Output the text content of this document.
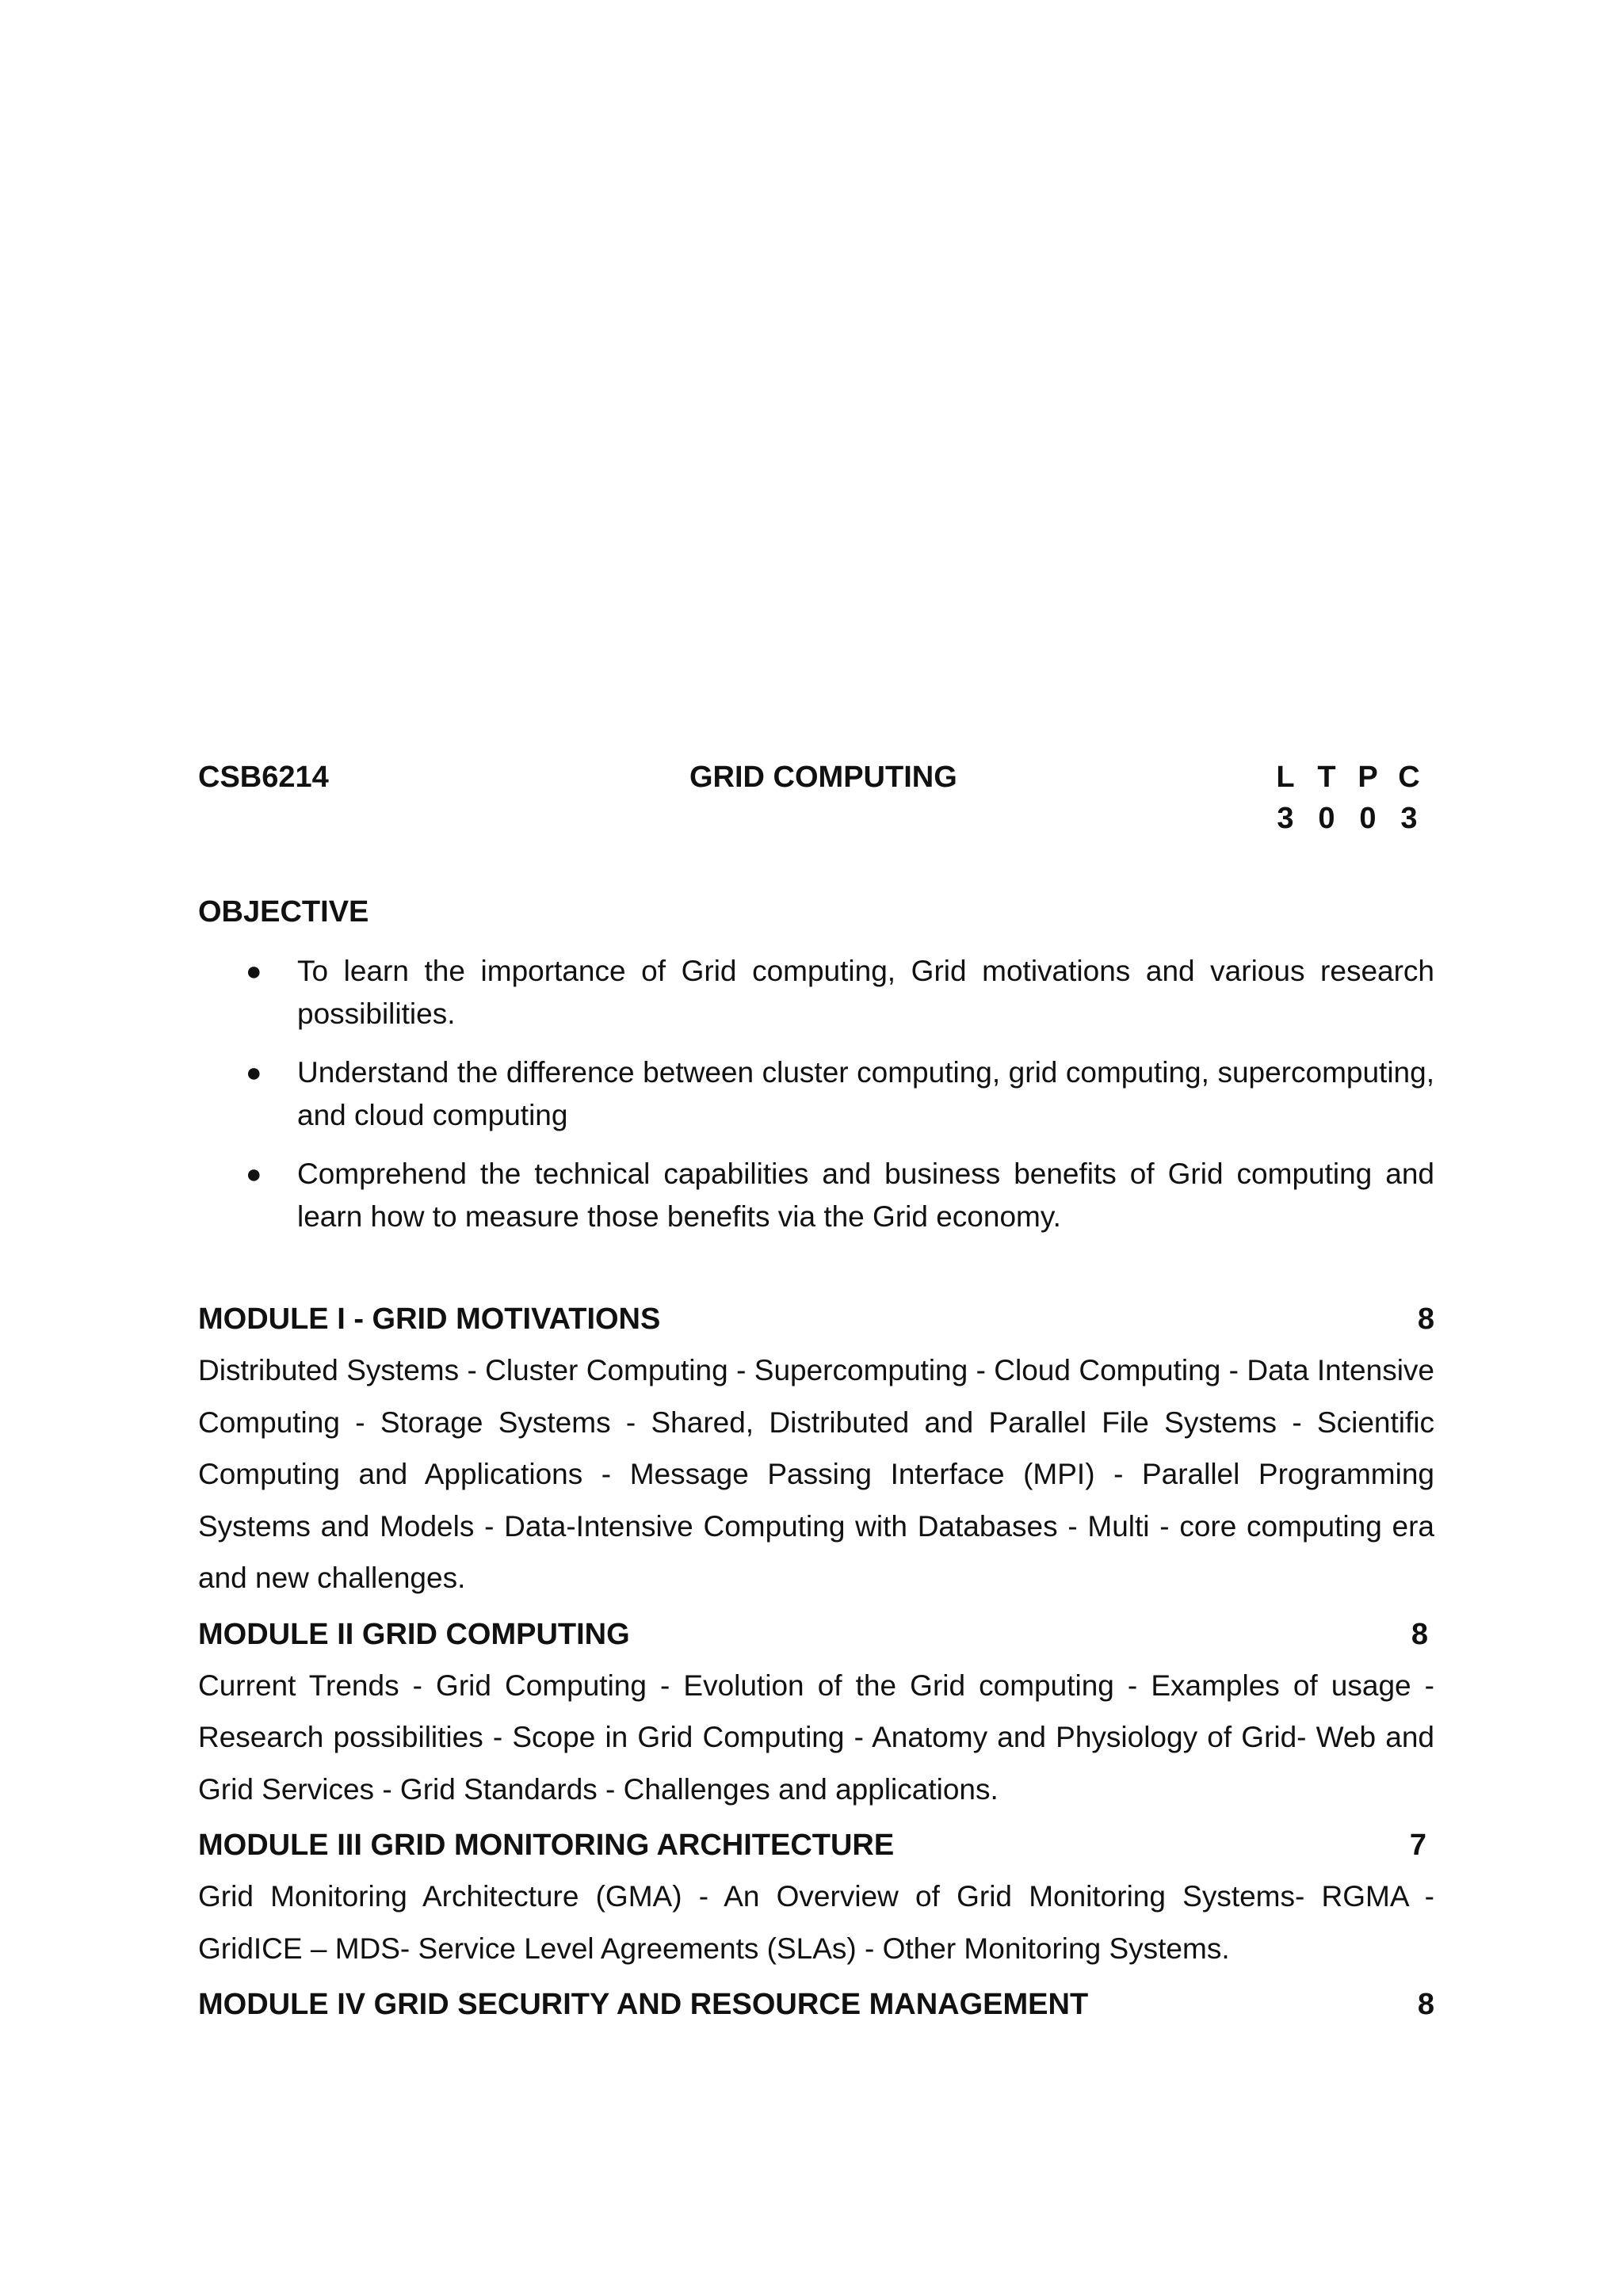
CSB6214	GRID COMPUTING	L T P C
3 0 0 3
OBJECTIVE
● To learn the importance of Grid computing, Grid motivations and various research possibilities.
● Understand the difference between cluster computing, grid computing, supercomputing, and cloud computing
● Comprehend the technical capabilities and business benefits of Grid computing and learn how to measure those benefits via the Grid economy.
MODULE I - GRID MOTIVATIONS	8
Distributed Systems - Cluster Computing - Supercomputing - Cloud Computing - Data Intensive Computing - Storage Systems - Shared, Distributed and Parallel File Systems - Scientific Computing and Applications - Message Passing Interface (MPI) - Parallel Programming Systems and Models - Data-Intensive Computing with Databases - Multi - core computing era and new challenges.
MODULE II GRID COMPUTING	8
Current Trends - Grid Computing - Evolution of the Grid computing - Examples of usage - Research possibilities - Scope in Grid Computing - Anatomy and Physiology of Grid- Web and Grid Services - Grid Standards - Challenges and applications.
MODULE III GRID MONITORING ARCHITECTURE	7
Grid Monitoring Architecture (GMA) - An Overview of Grid Monitoring Systems- RGMA -GridICE – MDS- Service Level Agreements (SLAs) - Other Monitoring Systems.
MODULE IV GRID SECURITY AND RESOURCE MANAGEMENT	8
